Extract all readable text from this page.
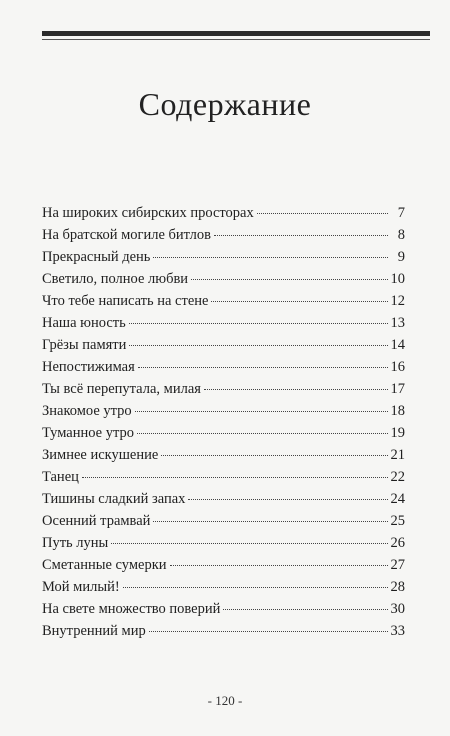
Содержание
На широких сибирских просторах	7
На братской могиле битлов	8
Прекрасный день	9
Светило, полное любви	10
Что тебе написать на стене	12
Наша юность	13
Грёзы памяти	14
Непостижимая	16
Ты всё перепутала, милая	17
Знакомое утро	18
Туманное утро	19
Зимнее искушение	21
Танец	22
Тишины сладкий запах	24
Осенний трамвай	25
Путь луны	26
Сметанные сумерки	27
Мой милый!	28
На свете множество поверий	30
Внутренний мир	33
- 120 -
